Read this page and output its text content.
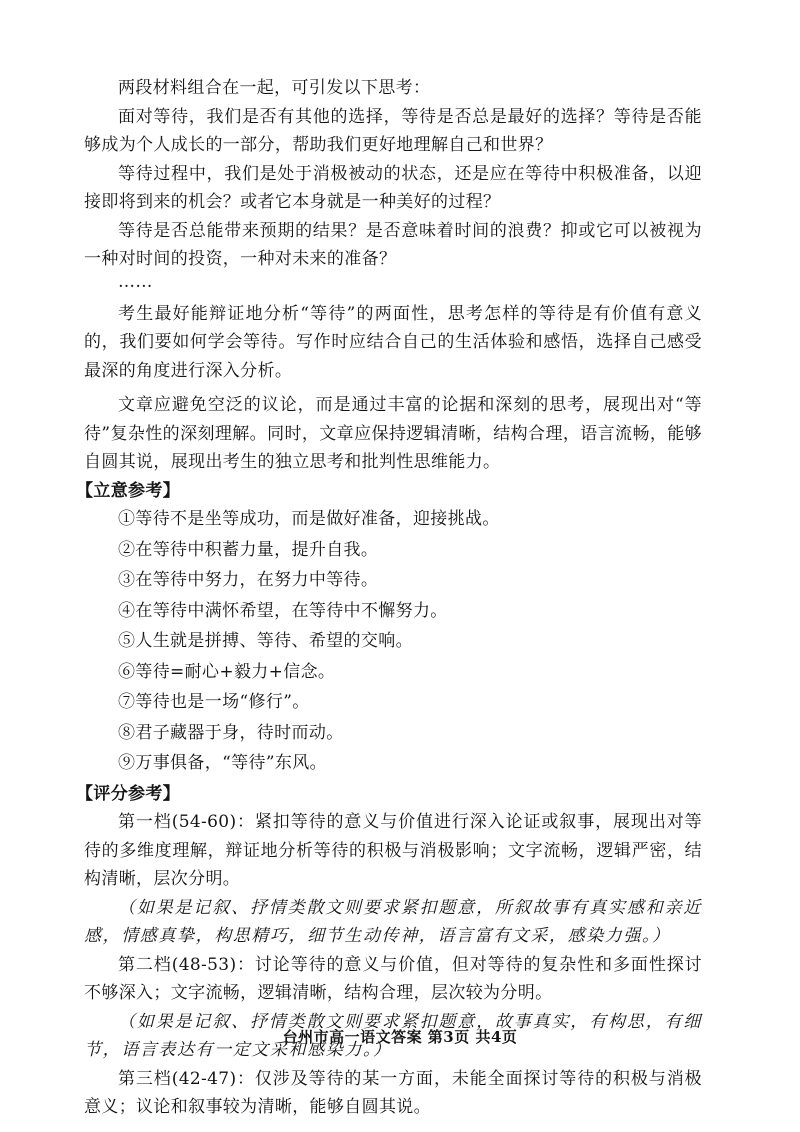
两段材料组合在一起，可引发以下思考：

面对等待，我们是否有其他的选择，等待是否总是最好的选择？等待是否能够成为个人成长的一部分，帮助我们更好地理解自己和世界？

等待过程中，我们是处于消极被动的状态，还是应在等待中积极准备，以迎接即将到来的机会？或者它本身就是一种美好的过程？

等待是否总能带来预期的结果？是否意味着时间的浪费？抑或它可以被视为一种对时间的投资，一种对未来的准备？

……

考生最好能辩证地分析“等待”的两面性，思考怎样的等待是有价值有意义的，我们要如何学会等待。写作时应结合自己的生活体验和感悟，选择自己感受最深的角度进行深入分析。

文章应避免空泛的议论，而是通过丰富的论据和深刻的思考，展现出对“等待”复杂性的深刻理解。同时，文章应保持逻辑清晰，结构合理，语言流畅，能够自圆其说，展现出考生的独立思考和批判性思维能力。

【立意参考】

①等待不是坐等成功，而是做好准备，迎接挑战。

②在等待中积蓄力量，提升自我。

③在等待中努力，在努力中等待。

④在等待中满怀希望，在等待中不懈努力。

⑤人生就是拼搏、等待、希望的交响。

⑥等待=耐心+毅力+信念。

⑦等待也是一场“修行”。

⑧君子藏器于身，待时而动。

⑨万事俱备，“等待”东风。

【评分参考】

第一档(54-60)：紧扣等待的意义与价值进行深入论证或叙事，展现出对等待的多维度理解，辩证地分析等待的积极与消极影响；文字流畅，逻辑严密，结构清晰，层次分明。

（如果是记叙、抒情类散文则要求紧扣题意，所叙故事有真实感和亲近感，情感真挚，构思精巧，细节生动传神，语言富有文采，感染力强。）

第二档(48-53)：讨论等待的意义与价值，但对等待的复杂性和多面性探讨不够深入；文字流畅，逻辑清晰，结构合理，层次较为分明。

（如果是记叙、抒情类散文则要求紧扣题意，故事真实，有构思，有细节，语言表达有一定文采和感染力。）

第三档(42-47)：仅涉及等待的某一方面，未能全面探讨等待的积极与消极意义；议论和叙事较为清晰，能够自圆其说。

台州市高一语文答案 第3页 共4页
